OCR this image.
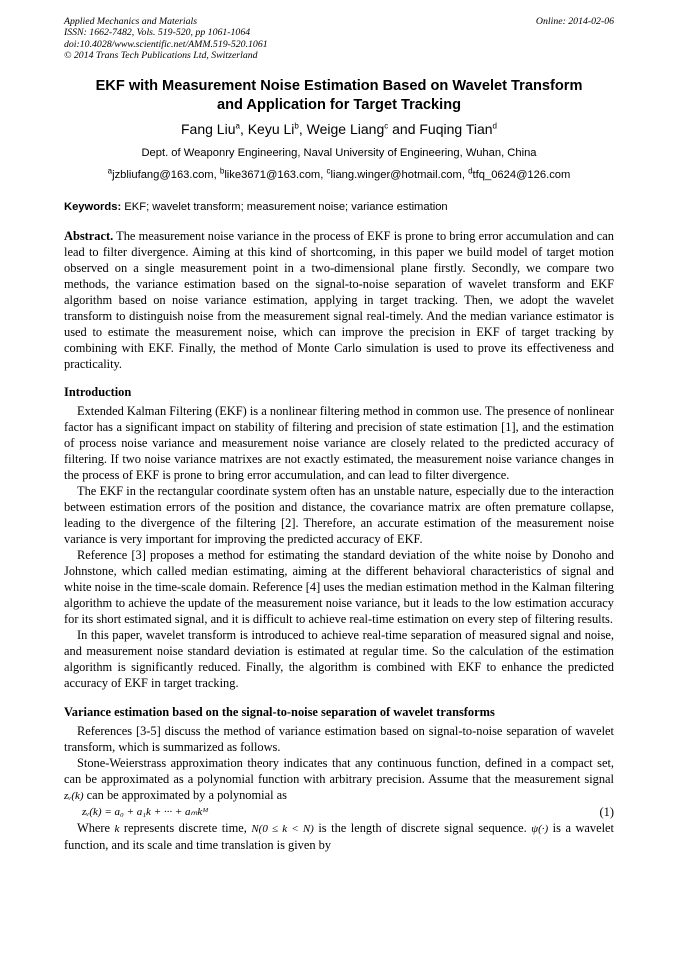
Applied Mechanics and Materials
ISSN: 1662-7482, Vols. 519-520, pp 1061-1064
doi:10.4028/www.scientific.net/AMM.519-520.1061
© 2014 Trans Tech Publications Ltd, Switzerland
Online: 2014-02-06
EKF with Measurement Noise Estimation Based on Wavelet Transform
and Application for Target Tracking
Fang Liu$^a$, Keyu Li$^b$, Weige Liang$^c$ and Fuqing Tian$^d$
Dept. of Weaponry Engineering, Naval University of Engineering, Wuhan, China
$^a$jzbliufang@163.com, $^b$like3671@163.com, $^c$liang.winger@hotmail.com, $^d$tfq_0624@126.com
Keywords: EKF; wavelet transform; measurement noise; variance estimation

Abstract. The measurement noise variance in the process of EKF is prone to bring error accumulation and can lead to filter divergence. Aiming at this kind of shortcoming, in this paper we build model of target motion observed on a single measurement point in a two-dimensional plane firstly. Secondly, we compare two methods, the variance estimation based on the signal-to-noise separation of wavelet transform and EKF algorithm based on noise variance estimation, applying in target tracking. Then, we adopt the wavelet transform to distinguish noise from the measurement signal real-timely. And the median variance estimator is used to estimate the measurement noise, which can improve the precision in EKF of target tracking by combining with EKF. Finally, the method of Monte Carlo simulation is used to prove its effectiveness and practicality.

Introduction

Extended Kalman Filtering (EKF) is a nonlinear filtering method in common use. The presence of nonlinear factor has a significant impact on stability of filtering and precision of state estimation [1], and the estimation of process noise variance and measurement noise variance are closely related to the predicted accuracy of filtering. If two noise variance matrixes are not exactly estimated, the measurement noise variance changes in the process of EKF is prone to bring error accumulation, and can lead to filter divergence.

The EKF in the rectangular coordinate system often has an unstable nature, especially due to the interaction between estimation errors of the position and distance, the covariance matrix are often premature collapse, leading to the divergence of the filtering [2]. Therefore, an accurate estimation of the measurement noise variance is very important for improving the predicted accuracy of EKF.

Reference [3] proposes a method for estimating the standard deviation of the white noise by Donoho and Johnstone, which called median estimating, aiming at the different behavioral characteristics of signal and white noise in the time-scale domain. Reference [4] uses the median estimation method in the Kalman filtering algorithm to achieve the update of the measurement noise variance, but it leads to the low estimation accuracy for its short estimated signal, and it is difficult to achieve real-time estimation on every step of filtering results.

In this paper, wavelet transform is introduced to achieve real-time separation of measured signal and noise, and measurement noise standard deviation is estimated at regular time. So the calculation of the estimation algorithm is significantly reduced. Finally, the algorithm is combined with EKF to enhance the predicted accuracy of EKF in target tracking.

Variance estimation based on the signal-to-noise separation of wavelet transforms

References [3-5] discuss the method of variance estimation based on signal-to-noise separation of wavelet transform, which is summarized as follows.

Stone-Weierstrass approximation theory indicates that any continuous function, defined in a compact set, can be approximated as a polynomial function with arbitrary precision. Assume that the measurement signal zᵥ(k) can be approximated by a polynomial as

zᵥ(k) = a₀ + a₁k + ··· + aₘkᴹ	(1)

Where k represents discrete time, N(0 ≤ k < N) is the length of discrete signal sequence. ψ(·) is a wavelet function, and its scale and time translation is given by
